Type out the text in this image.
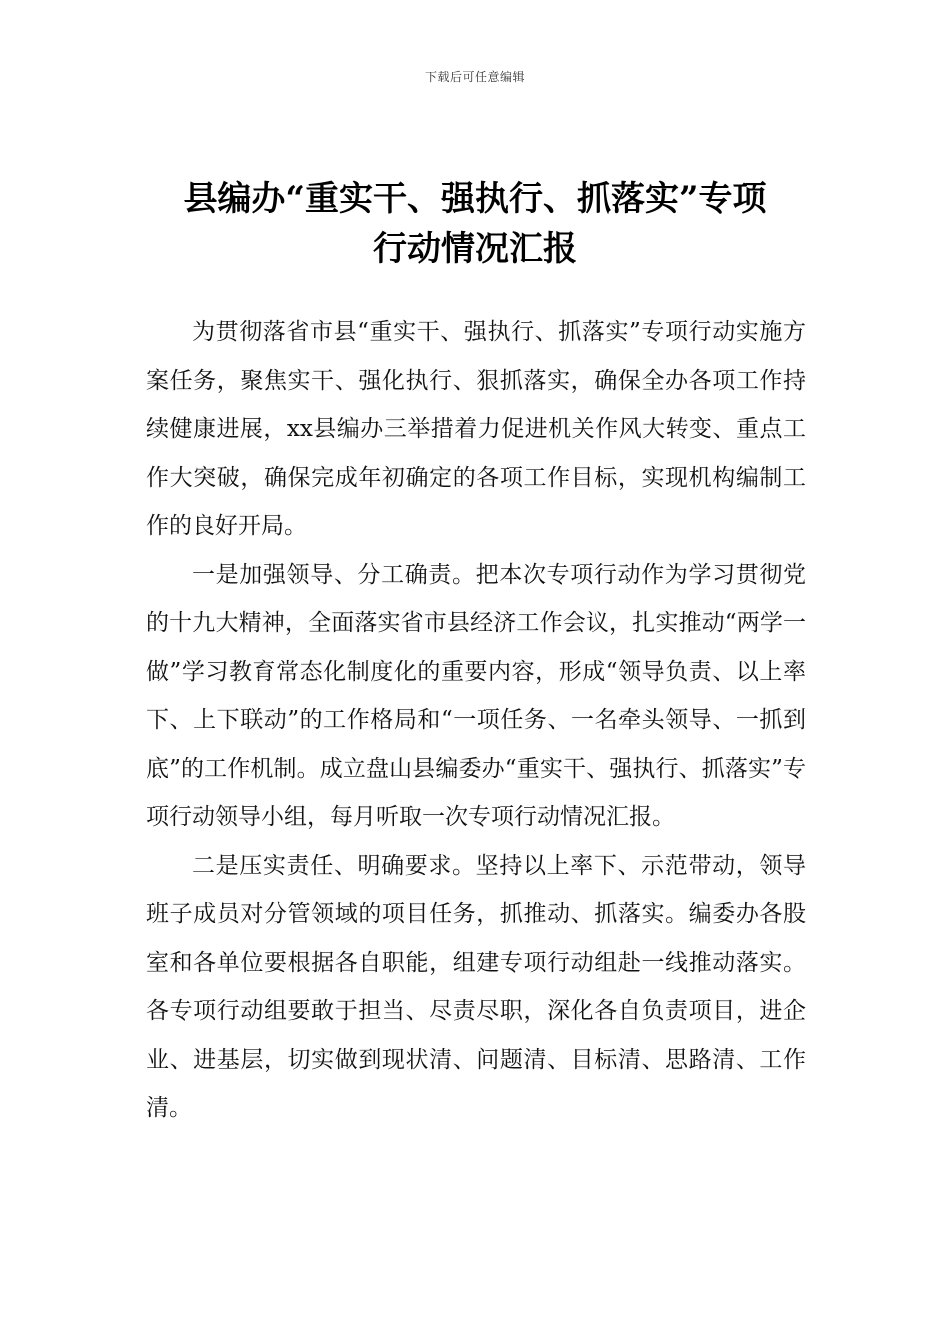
下载后可任意编辑
县编办“重实干、强执行、抓落实”专项
行动情况汇报

为贯彻落省市县“重实干、强执行、抓落实”专项行动实施方案任务，聚焦实干、强化执行、狠抓落实，确保全办各项工作持续健康进展，xx县编办三举措着力促进机关作风大转变、重点工作大突破，确保完成年初确定的各项工作目标，实现机构编制工作的良好开局。

一是加强领导、分工确责。把本次专项行动作为学习贯彻党的十九大精神，全面落实省市县经济工作会议，扎实推动“两学一做”学习教育常态化制度化的重要内容，形成“领导负责、以上率下、上下联动”的工作格局和“一项任务、一名牵头领导、一抓到底”的工作机制。成立盘山县编委办“重实干、强执行、抓落实”专项行动领导小组，每月听取一次专项行动情况汇报。

二是压实责任、明确要求。坚持以上率下、示范带动，领导班子成员对分管领域的项目任务，抓推动、抓落实。编委办各股室和各单位要根据各自职能，组建专项行动组赴一线推动落实。各专项行动组要敢于担当、尽责尽职，深化各自负责项目，进企业、进基层，切实做到现状清、问题清、目标清、思路清、工作清。
